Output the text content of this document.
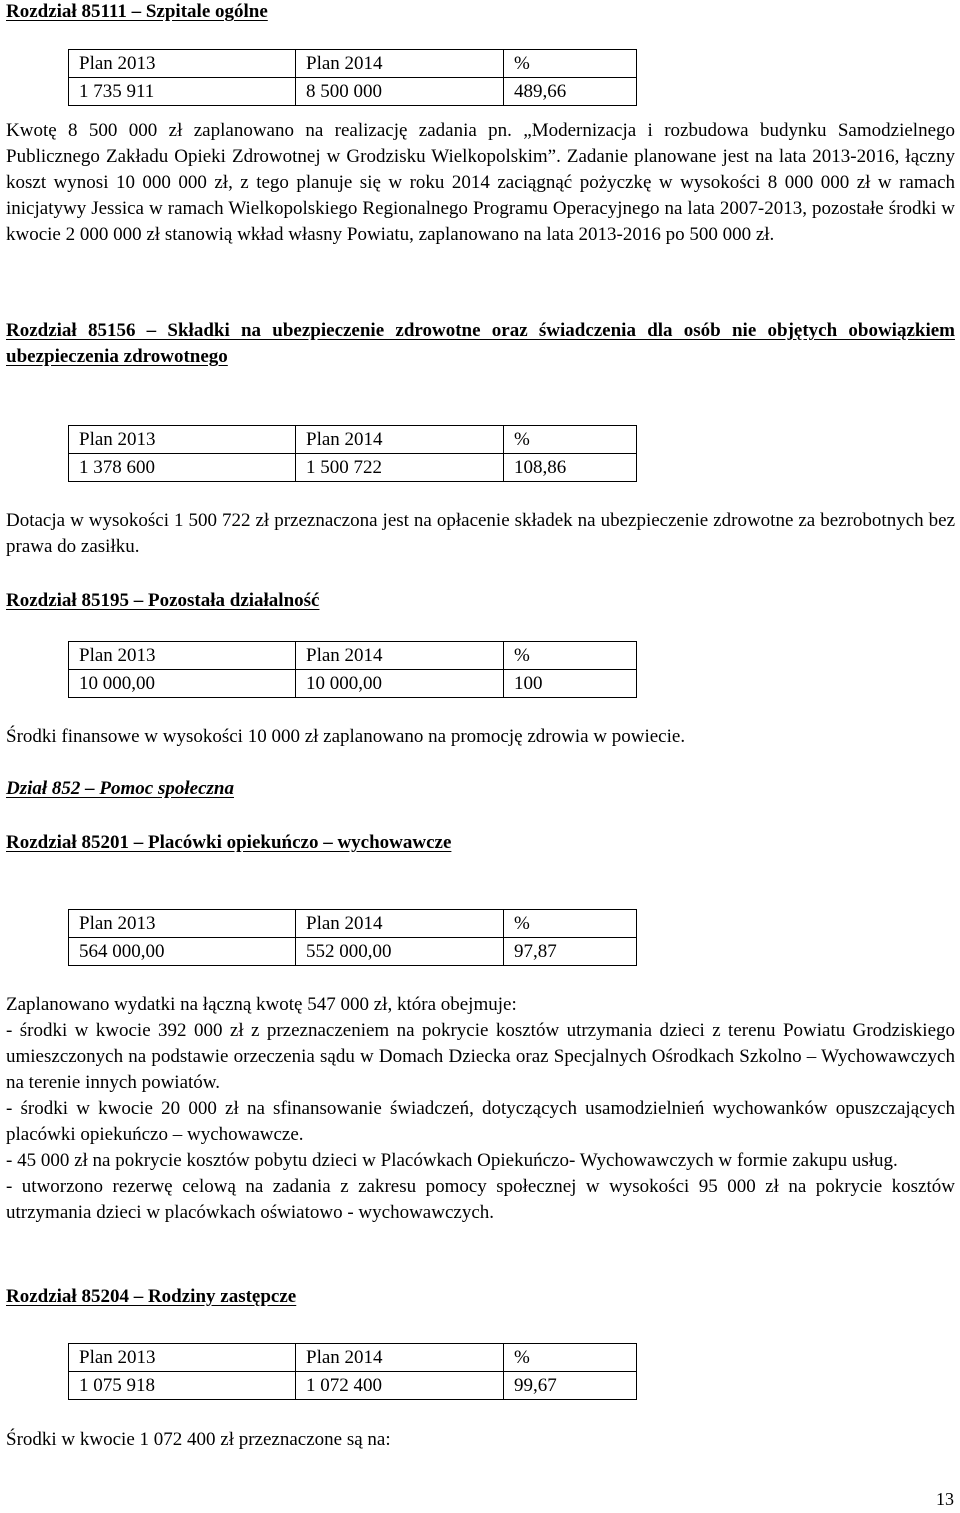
Rozdział 85111 – Szpitale ogólne
Plan 2013	Plan 2014	%
1 735 911	8 500 000	489,66

Kwotę 8 500 000 zł zaplanowano na realizację zadania pn. „Modernizacja i rozbudowa budynku Samodzielnego Publicznego Zakładu Opieki Zdrowotnej w Grodzisku Wielkopolskim”. Zadanie planowane jest na lata 2013-2016, łączny koszt wynosi 10 000 000 zł, z tego planuje się w roku 2014 zaciągnąć pożyczkę w wysokości 8 000 000 zł w ramach inicjatywy Jessica w ramach Wielkopolskiego Regionalnego Programu Operacyjnego na lata 2007-2013, pozostałe środki w kwocie 2 000 000 zł stanowią wkład własny Powiatu, zaplanowano na lata 2013-2016 po 500 000 zł.

Rozdział 85156 – Składki na ubezpieczenie zdrowotne oraz świadczenia dla osób nie objętych obowiązkiem ubezpieczenia zdrowotnego
Plan 2013	Plan 2014	%
1 378 600	1 500 722	108,86

Dotacja w wysokości 1 500 722 zł przeznaczona jest na opłacenie składek na ubezpieczenie zdrowotne za bezrobotnych bez prawa do zasiłku.

Rozdział 85195 – Pozostała działalność
Plan 2013	Plan 2014	%
10 000,00	10 000,00	100

Środki finansowe w wysokości 10 000 zł zaplanowano na promocję zdrowia w powiecie.

Dział 852 – Pomoc społeczna
Rozdział 85201 – Placówki opiekuńczo – wychowawcze
Plan 2013	Plan 2014	%
564 000,00	552 000,00	97,87

Zaplanowano wydatki na łączną kwotę 547 000 zł, która obejmuje:

- środki w kwocie 392 000 zł z przeznaczeniem na pokrycie kosztów utrzymania dzieci z terenu Powiatu Grodziskiego umieszczonych na podstawie orzeczenia sądu w Domach Dziecka oraz Specjalnych Ośrodkach Szkolno – Wychowawczych na terenie innych powiatów.

- środki w kwocie 20 000 zł na sfinansowanie świadczeń, dotyczących usamodzielnień wychowanków opuszczających placówki opiekuńczo – wychowawcze.

- 45 000 zł na pokrycie kosztów pobytu dzieci w Placówkach Opiekuńczo- Wychowawczych w formie zakupu usług.

- utworzono rezerwę celową na zadania z zakresu pomocy społecznej w wysokości 95 000 zł na pokrycie kosztów utrzymania dzieci w placówkach oświatowo - wychowawczych.

Rozdział 85204 – Rodziny zastępcze
Plan 2013	Plan 2014	%
1 075 918	1 072 400	99,67

Środki w kwocie 1 072 400 zł przeznaczone są na:

13
